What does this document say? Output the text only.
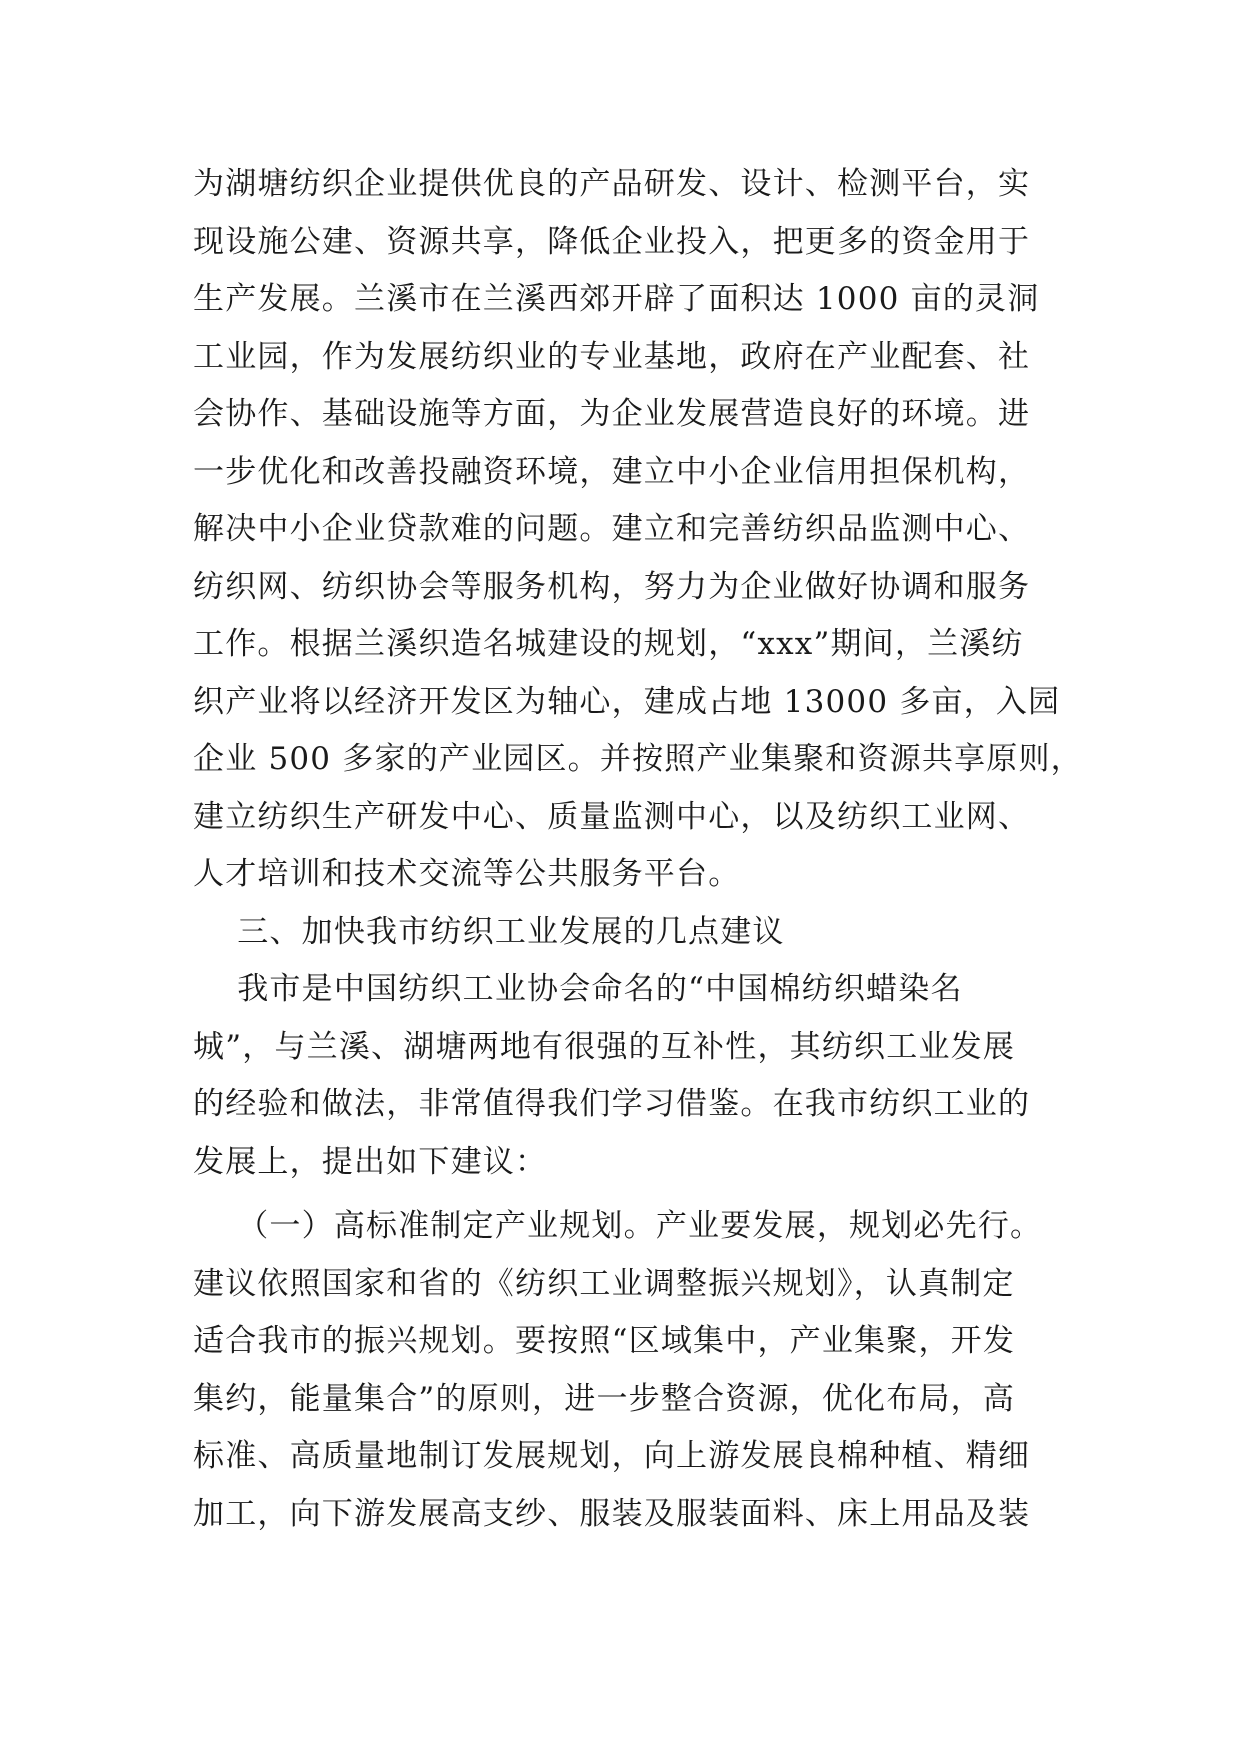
为湖塘纺织企业提供优良的产品研发、设计、检测平台，实
现设施公建、资源共享，降低企业投入，把更多的资金用于
生产发展。兰溪市在兰溪西郊开辟了面积达 1000 亩的灵洞
工业园，作为发展纺织业的专业基地，政府在产业配套、社
会协作、基础设施等方面，为企业发展营造良好的环境。进
一步优化和改善投融资环境，建立中小企业信用担保机构，
解决中小企业贷款难的问题。建立和完善纺织品监测中心、
纺织网、纺织协会等服务机构，努力为企业做好协调和服务
工作。根据兰溪织造名城建设的规划，“xxx”期间，兰溪纺
织产业将以经济开发区为轴心，建成占地 13000 多亩，入园
企业 500 多家的产业园区。并按照产业集聚和资源共享原则，
建立纺织生产研发中心、质量监测中心，以及纺织工业网、
人才培训和技术交流等公共服务平台。
三、加快我市纺织工业发展的几点建议
我市是中国纺织工业协会命名的“中国棉纺织蜡染名
城”，与兰溪、湖塘两地有很强的互补性，其纺织工业发展
的经验和做法，非常值得我们学习借鉴。在我市纺织工业的
发展上，提出如下建议：
（一）高标准制定产业规划。产业要发展，规划必先行。
建议依照国家和省的《纺织工业调整振兴规划》，认真制定
适合我市的振兴规划。要按照“区域集中，产业集聚，开发
集约，能量集合”的原则，进一步整合资源，优化布局，高
标准、高质量地制订发展规划，向上游发展良棉种植、精细
加工，向下游发展高支纱、服装及服装面料、床上用品及装
